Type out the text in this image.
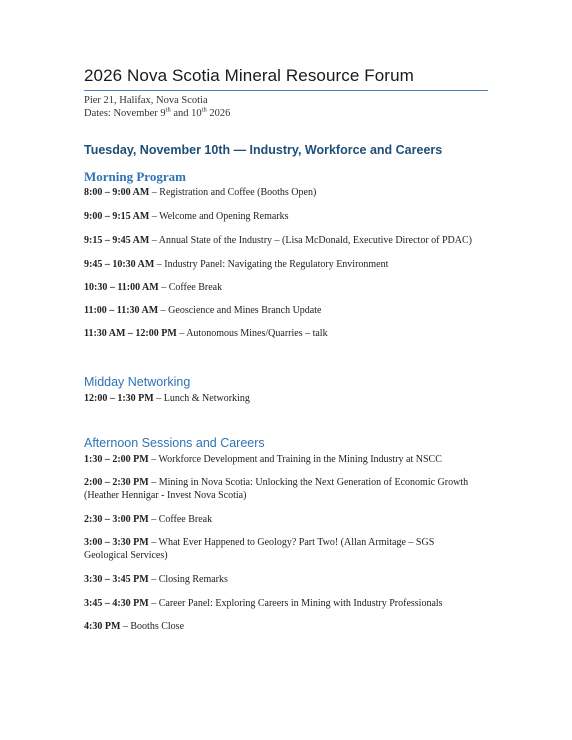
2026 Nova Scotia Mineral Resource Forum
Pier 21, Halifax, Nova Scotia
Dates: November 9th and 10th 2026
Tuesday, November 10th — Industry, Workforce and Careers
Morning Program
8:00 – 9:00 AM – Registration and Coffee (Booths Open)
9:00 – 9:15 AM – Welcome and Opening Remarks
9:15 – 9:45 AM – Annual State of the Industry – (Lisa McDonald, Executive Director of PDAC)
9:45 – 10:30 AM – Industry Panel: Navigating the Regulatory Environment
10:30 – 11:00 AM – Coffee Break
11:00 – 11:30 AM – Geoscience and Mines Branch Update
11:30 AM – 12:00 PM – Autonomous Mines/Quarries – talk
Midday Networking
12:00 – 1:30 PM – Lunch & Networking
Afternoon Sessions and Careers
1:30 – 2:00 PM – Workforce Development and Training in the Mining Industry at NSCC
2:00 – 2:30 PM – Mining in Nova Scotia: Unlocking the Next Generation of Economic Growth (Heather Hennigar - Invest Nova Scotia)
2:30 – 3:00 PM – Coffee Break
3:00 – 3:30 PM – What Ever Happened to Geology? Part Two! (Allan Armitage – SGS Geological Services)
3:30 – 3:45 PM – Closing Remarks
3:45 – 4:30 PM – Career Panel: Exploring Careers in Mining with Industry Professionals
4:30 PM – Booths Close
